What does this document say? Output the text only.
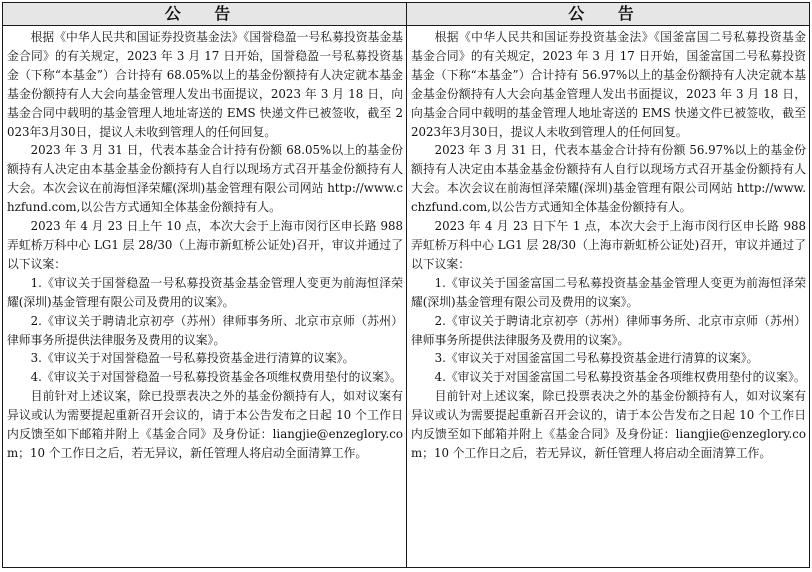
公 告

根据《中华人民共和国证券投资基金法》《国誉稳盈一号私募投资基金基金合同》的有关规定，2023 年 3 月 17 日开始，国誉稳盈一号私募投资基金（下称“本基金”）合计持有 68.05%以上的基金份额持有人决定就本基金基金份额持有人大会向基金管理人发出书面提议，2023 年 3 月 18 日，向基金合同中载明的基金管理人地址寄送的 EMS 快递文件已被签收，截至 2023年3月30日，提议人未收到管理人的任何回复。

2023 年 3 月 31 日，代表本基金合计持有份额 68.05%以上的基金份额持有人决定由本基金基金份额持有人自行以现场方式召开基金份额持有人大会。本次会议在前海恒泽荣耀(深圳)基金管理有限公司网站 http://www.chzfund.com,以公告方式通知全体基金份额持有人。

2023 年 4 月 23 日上午 10 点，本次大会于上海市闵行区申长路 988 弄虹桥万科中心 LG1 层 28/30（上海市新虹桥公证处)召开，审议并通过了以下议案：

1.《审议关于国誉稳盈一号私募投资基金基金管理人变更为前海恒泽荣耀(深圳)基金管理有限公司及费用的议案》。

2.《审议关于聘请北京初亭（苏州）律师事务所、北京市京师（苏州）律师事务所提供法律服务及费用的议案》。

3.《审议关于对国誉稳盈一号私募投资基金进行清算的议案》。

4.《审议关于对国誉稳盈一号私募投资基金各项维权费用垫付的议案》。

目前针对上述议案，除已投票表决之外的基金份额持有人，如对议案有异议或认为需要提起重新召开会议的，请于本公告发布之日起 10 个工作日内反馈至如下邮箱并附上《基金合同》及身份证：liangjie@enzeglory.com；10 个工作日之后，若无异议，新任管理人将启动全面清算工作。

公 告

根据《中华人民共和国证券投资基金法》《国釜富国二号私募投资基金基金合同》的有关规定，2023 年 3 月 17 日开始，国釜富国二号私募投资基金（下称“本基金”）合计持有 56.97%以上的基金份额持有人决定就本基金基金份额持有人大会向基金管理人发出书面提议，2023 年 3 月 18 日，向基金合同中载明的基金管理人地址寄送的 EMS 快递文件已被签收，截至 2023年3月30日，提议人未收到管理人的任何回复。

2023 年 3 月 31 日，代表本基金合计持有份额 56.97%以上的基金份额持有人决定由本基金基金份额持有人自行以现场方式召开基金份额持有人大会。本次会议在前海恒泽荣耀(深圳)基金管理有限公司网站 http://www.chzfund.com,以公告方式通知全体基金份额持有人。

2023 年 4 月 23 日下午 1 点，本次大会于上海市闵行区申长路 988 弄虹桥万科中心 LG1 层 28/30（上海市新虹桥公证处)召开，审议并通过了以下议案：

1.《审议关于国釜富国二号私募投资基金基金管理人变更为前海恒泽荣耀(深圳)基金管理有限公司及费用的议案》。

2.《审议关于聘请北京初亭（苏州）律师事务所、北京市京师（苏州）律师事务所提供法律服务及费用的议案》。

3.《审议关于对国釜富国二号私募投资基金进行清算的议案》。

4.《审议关于对国釜富国二号私募投资基金各项维权费用垫付的议案》。

目前针对上述议案，除已投票表决之外的基金份额持有人，如对议案有异议或认为需要提起重新召开会议的，请于本公告发布之日起 10 个工作日内反馈至如下邮箱并附上《基金合同》及身份证：liangjie@enzeglory.com；10 个工作日之后，若无异议，新任管理人将启动全面清算工作。
